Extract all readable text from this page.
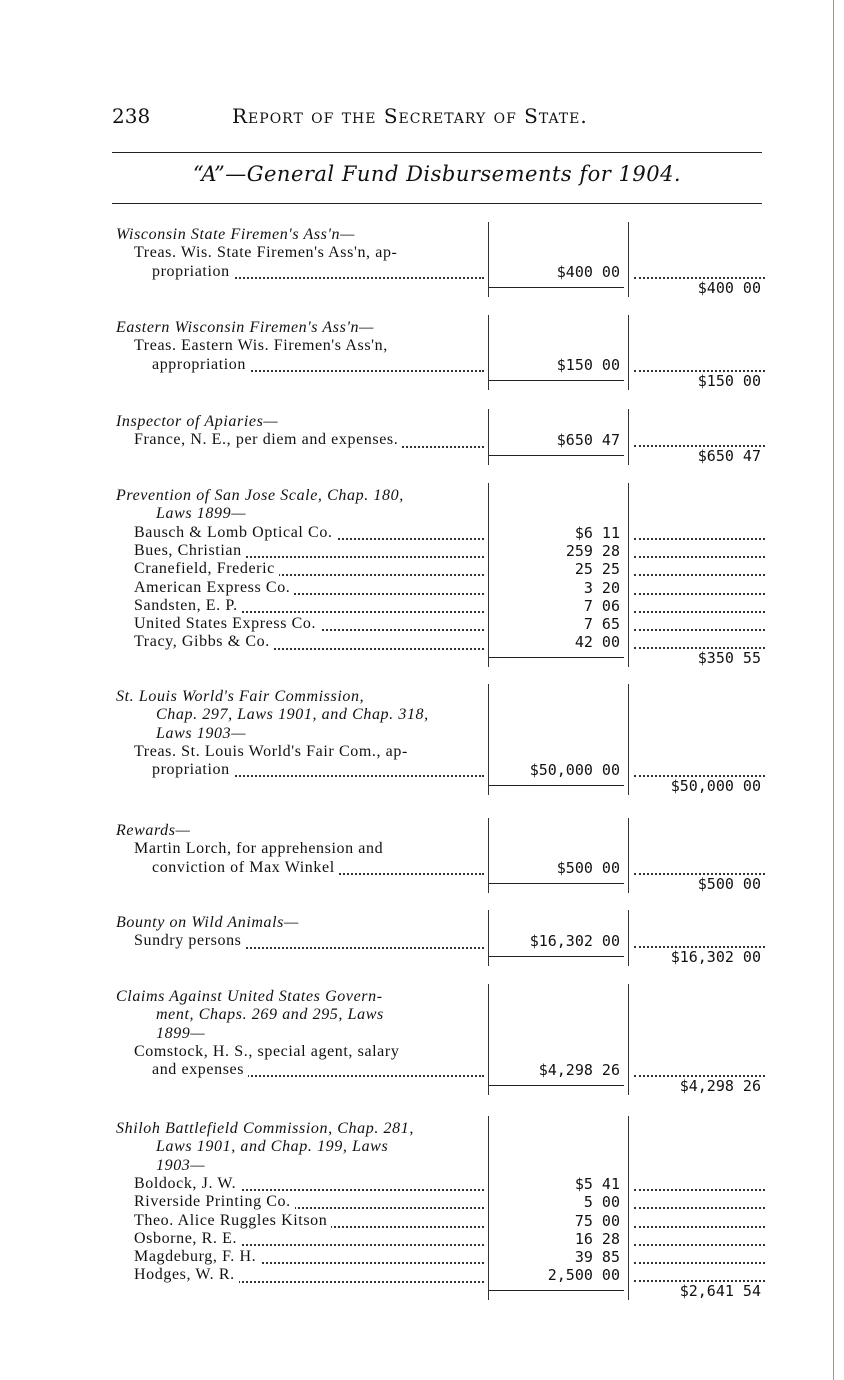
238	Report of the Secretary of State.
“A”—General Fund Disbursements for 1904.
Wisconsin State Firemen's Ass'n—
Treas. Wis. State Firemen's Ass'n, ap-
propriation	$400 00
$400 00
Eastern Wisconsin Firemen's Ass'n—
Treas. Eastern Wis. Firemen's Ass'n,
appropriation	$150 00
$150 00
Inspector of Apiaries—
France, N. E., per diem and expenses.	$650 47
$650 47
Prevention of San Jose Scale, Chap. 180,
Laws 1899—
Bausch & Lomb Optical Co.	$6 11
Bues, Christian	259 28
Cranefield, Frederic	25 25
American Express Co.	3 20
Sandsten, E. P.	7 06
United States Express Co.	7 65
Tracy, Gibbs & Co.	42 00
$350 55
St. Louis World's Fair Commission,
Chap. 297, Laws 1901, and Chap. 318,
Laws 1903—
Treas. St. Louis World's Fair Com., ap-
propriation	$50,000 00
$50,000 00
Rewards—
Martin Lorch, for apprehension and
conviction of Max Winkel	$500 00
$500 00
Bounty on Wild Animals—
Sundry persons	$16,302 00
$16,302 00
Claims Against United States Govern-
ment, Chaps. 269 and 295, Laws
1899—
Comstock, H. S., special agent, salary
and expenses	$4,298 26
$4,298 26
Shiloh Battlefield Commission, Chap. 281,
Laws 1901, and Chap. 199, Laws
1903—
Boldock, J. W.	$5 41
Riverside Printing Co.	5 00
Theo. Alice Ruggles Kitson	75 00
Osborne, R. E.	16 28
Magdeburg, F. H.	39 85
Hodges, W. R.	2,500 00
$2,641 54
